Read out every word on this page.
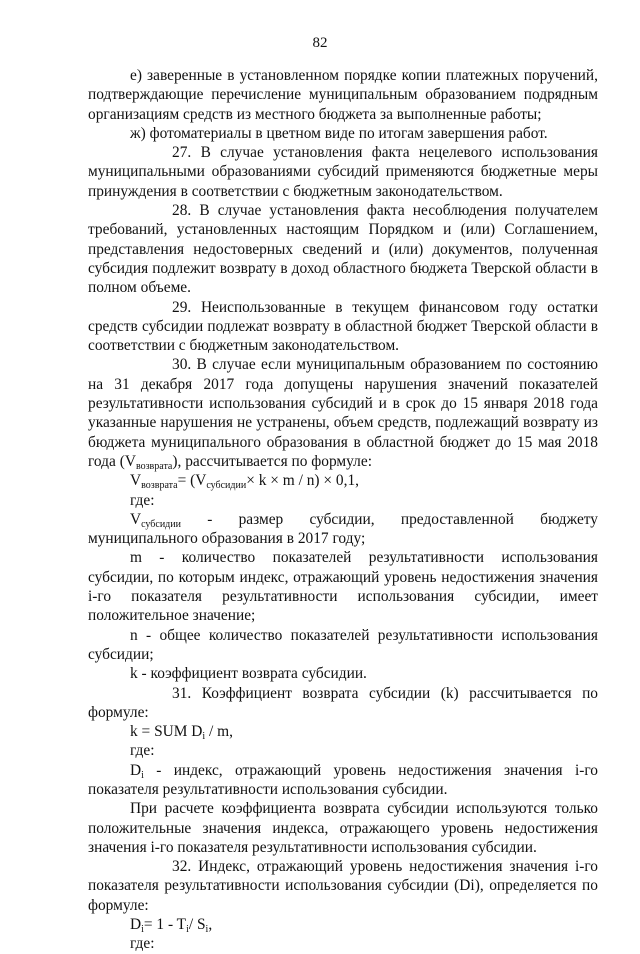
82

е) заверенные в установленном порядке копии платежных поручений, подтверждающие перечисление муниципальным образованием подрядным организациям средств из местного бюджета за выполненные работы;

ж) фотоматериалы в цветном виде по итогам завершения работ.

27. В случае установления факта нецелевого использования муниципальными образованиями субсидий применяются бюджетные меры принуждения в соответствии с бюджетным законодательством.

28. В случае установления факта несоблюдения получателем требований, установленных настоящим Порядком и (или) Соглашением, представления недостоверных сведений и (или) документов, полученная субсидия подлежит возврату в доход областного бюджета Тверской области в полном объеме.

29. Неиспользованные в текущем финансовом году остатки средств субсидии подлежат возврату в областной бюджет Тверской области в соответствии с бюджетным законодательством.

30. В случае если муниципальным образованием по состоянию на 31 декабря 2017 года допущены нарушения значений показателей результативности использования субсидий и в срок до 15 января 2018 года указанные нарушения не устранены, объем средств, подлежащий возврату из бюджета муниципального образования в областной бюджет до 15 мая 2018 года $(V_{возврата})$, рассчитывается по формуле:

$V_{возврата}= (V_{субсидии}\times k \times m / n) \times 0,1$,

где:

$V_{субсидии}$ - размер субсидии, предоставленной бюджету муниципального образования в 2017 году;

m - количество показателей результативности использования субсидии, по которым индекс, отражающий уровень недостижения значения i-го показателя результативности использования субсидии, имеет положительное значение;

n - общее количество показателей результативности использования субсидии;

k - коэффициент возврата субсидии.

31. Коэффициент возврата субсидии (k) рассчитывается по формуле:

k = SUM $D_i$ / m,

где:

$D_i$ - индекс, отражающий уровень недостижения значения i-го показателя результативности использования субсидии.

При расчете коэффициента возврата субсидии используются только положительные значения индекса, отражающего уровень недостижения значения i-го показателя результативности использования субсидии.

32. Индекс, отражающий уровень недостижения значения i-го показателя результативности использования субсидии (Di), определяется по формуле:

$D_i= 1 - T_i/$ $S_i$,

где:
